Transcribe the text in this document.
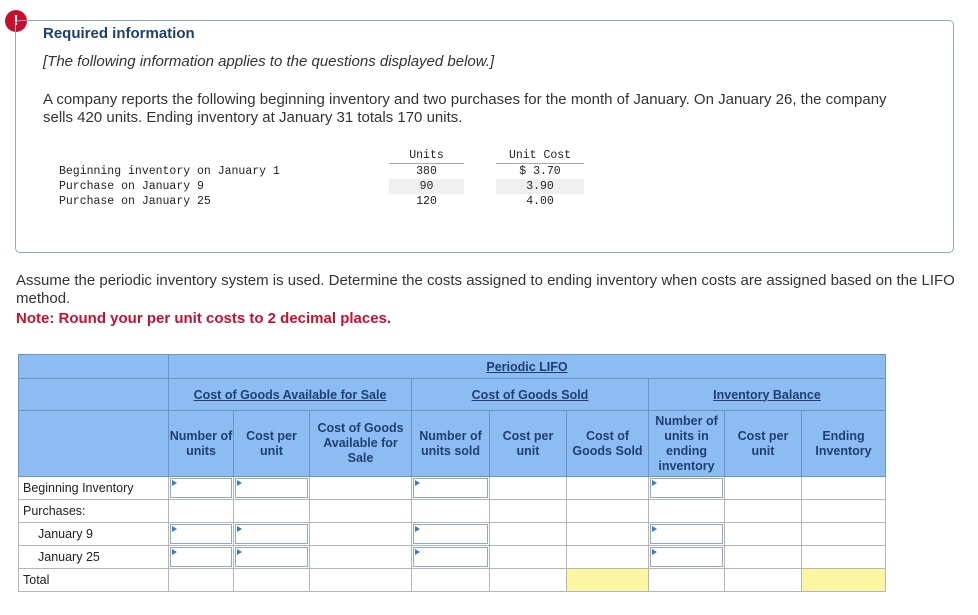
!
Required information
[The following information applies to the questions displayed below.]
A company reports the following beginning inventory and two purchases for the month of January. On January 26, the company sells 420 units. Ending inventory at January 31 totals 170 units.
	Units		Unit Cost
Beginning inventory on January 1	380		$ 3.70
Purchase on January 9	90		3.90
Purchase on January 25	120		4.00
Assume the periodic inventory system is used. Determine the costs assigned to ending inventory when costs are assigned based on the LIFO method.
Note: Round your per unit costs to 2 decimal places.
	Periodic LIFO								
	Cost of Goods Available for Sale			Cost of Goods Sold			Inventory Balance		
	Number of units	Cost per unit	Cost of Goods Available for Sale	Number of units sold	Cost per unit	Cost of Goods Sold	Number of units in ending inventory	Cost per unit	Ending Inventory
Beginning Inventory	

Purchases:									
January 9	

January 25	

Total									
